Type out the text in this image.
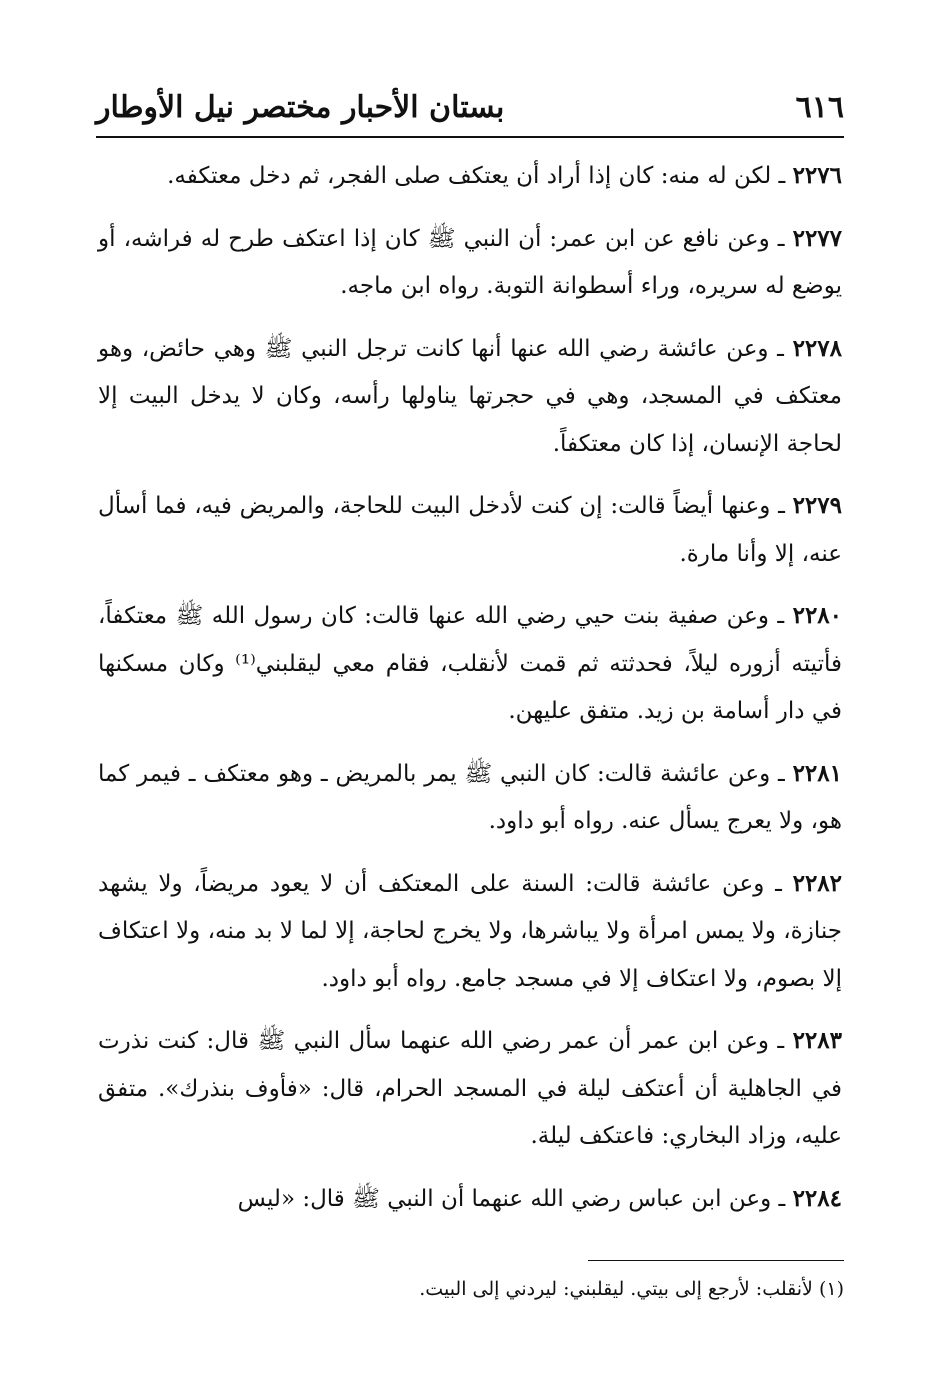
٦١٦
بستان الأحبار مختصر نيل الأوطار

٢٢٧٦ ـ لكن له منه: كان إذا أراد أن يعتكف صلى الفجر، ثم دخل معتكفه.

٢٢٧٧ ـ وعن نافع عن ابن عمر: أن النبي ﷺ كان إذا اعتكف طرح له فراشه، أو يوضع له سريره، وراء أسطوانة التوبة. رواه ابن ماجه.

٢٢٧٨ ـ وعن عائشة رضي الله عنها أنها كانت ترجل النبي ﷺ وهي حائض، وهو معتكف في المسجد، وهي في حجرتها يناولها رأسه، وكان لا يدخل البيت إلا لحاجة الإنسان، إذا كان معتكفاً.

٢٢٧٩ ـ وعنها أيضاً قالت: إن كنت لأدخل البيت للحاجة، والمريض فيه، فما أسأل عنه، إلا وأنا مارة.

٢٢٨٠ ـ وعن صفية بنت حيي رضي الله عنها قالت: كان رسول الله ﷺ معتكفاً، فأتيته أزوره ليلاً، فحدثته ثم قمت لأنقلب، فقام معي ليقلبني⁽¹⁾ وكان مسكنها في دار أسامة بن زيد. متفق عليهن.

٢٢٨١ ـ وعن عائشة قالت: كان النبي ﷺ يمر بالمريض ـ وهو معتكف ـ فيمر كما هو، ولا يعرج يسأل عنه. رواه أبو داود.

٢٢٨٢ ـ وعن عائشة قالت: السنة على المعتكف أن لا يعود مريضاً، ولا يشهد جنازة، ولا يمس امرأة ولا يباشرها، ولا يخرج لحاجة، إلا لما لا بد منه، ولا اعتكاف إلا بصوم، ولا اعتكاف إلا في مسجد جامع. رواه أبو داود.

٢٢٨٣ ـ وعن ابن عمر أن عمر رضي الله عنهما سأل النبي ﷺ قال: كنت نذرت في الجاهلية أن أعتكف ليلة في المسجد الحرام، قال: «فأوف بنذرك». متفق عليه، وزاد البخاري: فاعتكف ليلة.

٢٢٨٤ ـ وعن ابن عباس رضي الله عنهما أن النبي ﷺ قال: «ليس

(١) لأنقلب: لأرجع إلى بيتي. ليقلبني: ليردني إلى البيت.
